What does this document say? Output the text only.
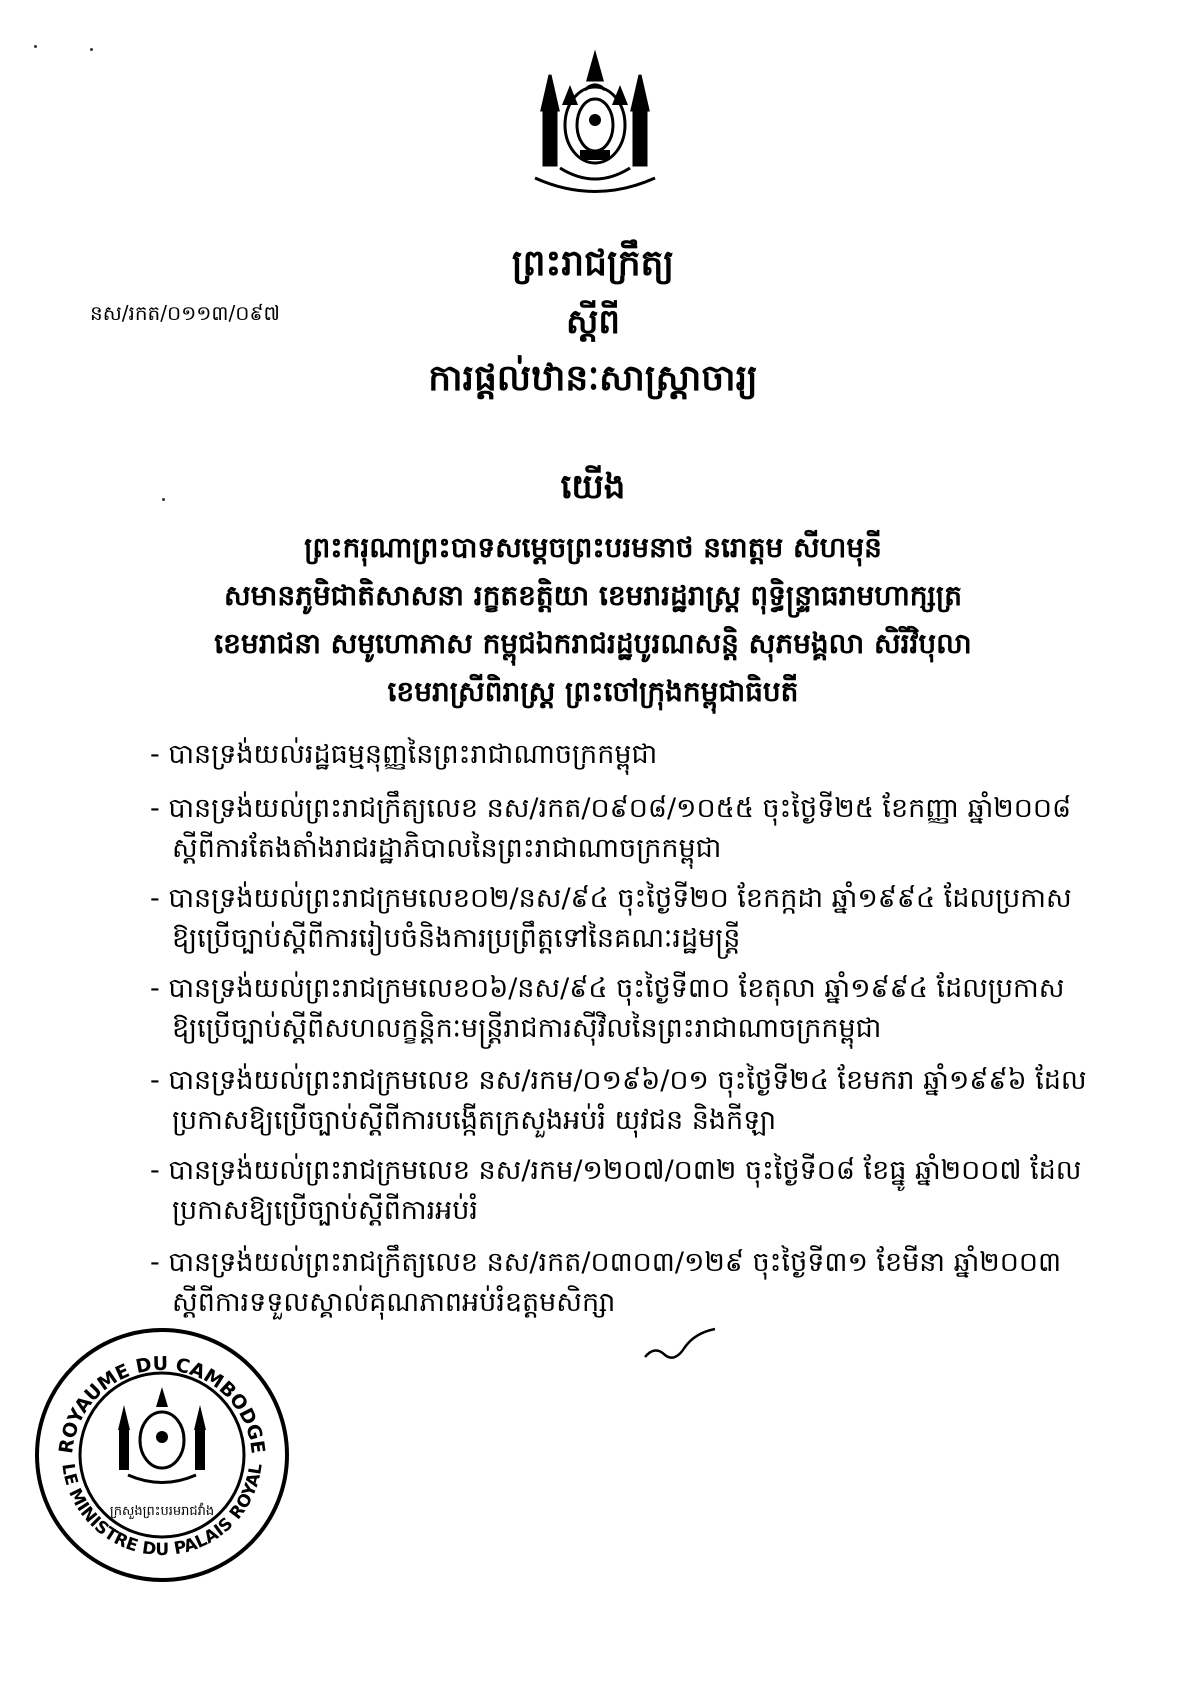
ព្រះរាជក្រឹត្យ
នស/រកត/០១១៣/០៩៧	ស្តីពី
ការផ្តល់ឋានៈសាស្ត្រាចារ្យ
យើង
ព្រះករុណាព្រះបាទសម្តេចព្រះបរមនាថ នរោត្តម សីហមុនី
សមានភូមិជាតិសាសនា រក្ខតខត្តិយា ខេមរារដ្ឋរាស្ត្រ ពុទ្ធិន្ទ្រាធរាមហាក្សត្រ
ខេមរាជនា សមូហោភាស កម្ពុជឯករាជរដ្ឋបូរណសន្តិ សុភមង្គលា សិរីវិបុលា
ខេមរាស្រីពិរាស្ត្រ ព្រះចៅក្រុងកម្ពុជាធិបតី
- បានទ្រង់យល់រដ្ឋធម្មនុញ្ញនៃព្រះរាជាណាចក្រកម្ពុជា
- បានទ្រង់យល់ព្រះរាជក្រឹត្យលេខ នស/រកត/០៩០៨/១០៥៥ ចុះថ្ងៃទី២៥ ខែកញ្ញា ឆ្នាំ២០០៨
ស្តីពីការតែងតាំងរាជរដ្ឋាភិបាលនៃព្រះរាជាណាចក្រកម្ពុជា
- បានទ្រង់យល់ព្រះរាជក្រមលេខ០២/នស/៩៤ ចុះថ្ងៃទី២០ ខែកក្កដា ឆ្នាំ១៩៩៤ ដែលប្រកាស
ឱ្យប្រើច្បាប់ស្តីពីការរៀបចំនិងការប្រព្រឹត្តទៅនៃគណៈរដ្ឋមន្ត្រី
- បានទ្រង់យល់ព្រះរាជក្រមលេខ០៦/នស/៩៤ ចុះថ្ងៃទី៣០ ខែតុលា ឆ្នាំ១៩៩៤ ដែលប្រកាស
ឱ្យប្រើច្បាប់ស្តីពីសហលក្ខន្តិកៈមន្ត្រីរាជការស៊ីវិលនៃព្រះរាជាណាចក្រកម្ពុជា
- បានទ្រង់យល់ព្រះរាជក្រមលេខ នស/រកម/០១៩៦/០១ ចុះថ្ងៃទី២៤ ខែមករា ឆ្នាំ១៩៩៦ ដែល
ប្រកាសឱ្យប្រើច្បាប់ស្តីពីការបង្កើតក្រសួងអប់រំ យុវជន និងកីឡា
- បានទ្រង់យល់ព្រះរាជក្រមលេខ នស/រកម/១២០៧/០៣២ ចុះថ្ងៃទី០៨ ខែធ្នូ ឆ្នាំ២០០៧ ដែល
ប្រកាសឱ្យប្រើច្បាប់ស្តីពីការអប់រំ
- បានទ្រង់យល់ព្រះរាជក្រឹត្យលេខ នស/រកត/០៣០៣/១២៩ ចុះថ្ងៃទី៣១ ខែមីនា ឆ្នាំ២០០៣
ស្តីពីការទទួលស្គាល់គុណភាពអប់រំឧត្តមសិក្សា
ROYAUME DU CAMBODGE
LE MINISTRE DU PALAIS ROYAL
ក្រសួងព្រះបរមរាជវាំង
